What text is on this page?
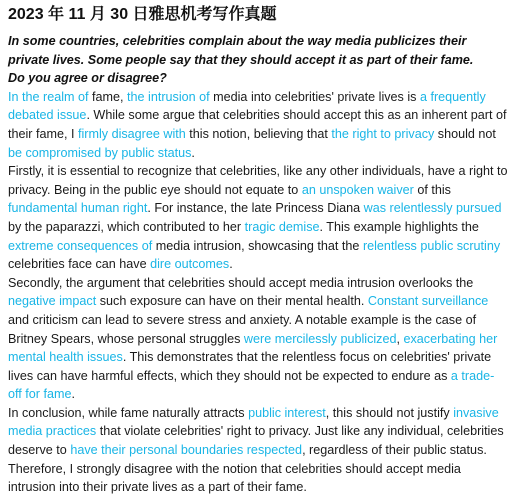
2023 年 11 月 30 日雅思机考写作真题

In some countries, celebrities complain about the way media publicizes their private lives. Some people say that they should accept it as part of their fame.

Do you agree or disagree?

In the realm of fame, the intrusion of media into celebrities' private lives is a frequently debated issue. While some argue that celebrities should accept this as an inherent part of their fame, I firmly disagree with this notion, believing that the right to privacy should not be compromised by public status.

Firstly, it is essential to recognize that celebrities, like any other individuals, have a right to privacy. Being in the public eye should not equate to an unspoken waiver of this fundamental human right. For instance, the late Princess Diana was relentlessly pursued by the paparazzi, which contributed to her tragic demise. This example highlights the extreme consequences of media intrusion, showcasing that the relentless public scrutiny celebrities face can have dire outcomes.

Secondly, the argument that celebrities should accept media intrusion overlooks the negative impact such exposure can have on their mental health. Constant surveillance and criticism can lead to severe stress and anxiety. A notable example is the case of Britney Spears, whose personal struggles were mercilessly publicized, exacerbating her mental health issues. This demonstrates that the relentless focus on celebrities' private lives can have harmful effects, which they should not be expected to endure as a trade-off for fame.

In conclusion, while fame naturally attracts public interest, this should not justify invasive media practices that violate celebrities' right to privacy. Just like any individual, celebrities deserve to have their personal boundaries respected, regardless of their public status. Therefore, I strongly disagree with the notion that celebrities should accept media intrusion into their private lives as a part of their fame.
